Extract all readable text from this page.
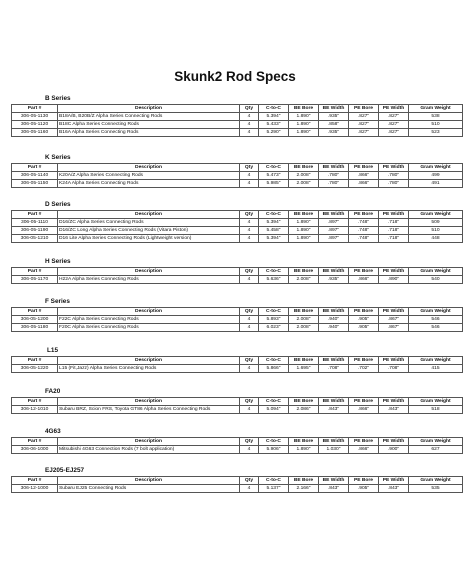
Skunk2 Rod Specs
B Series
Part #	Description	Qty	C-to-C	BE Bore	BE Width	PE Bore	PE Width	Gram Weight
306-05-1130	B18A/B, B20B/Z Alpha Series Connecting Rods	4	5.394"	1.890"	.935"	.827"	.827"	538
306-05-1120	B18C Alpha Series Connecting Rods	4	5.433"	1.890"	.858"	.827"	.827"	510
306-05-1160	B16A Alpha Series Connecting Rods	4	5.290"	1.890"	.935"	.827"	.827"	523
K Series
Part #	Description	Qty	C-to-C	BE Bore	BE Width	PE Bore	PE Width	Gram Weight
306-05-1140	K20A/Z Alpha Series Connecting Rods	4	5.473"	2.008"	.780"	.866"	.780"	499
306-05-1150	K24A Alpha Series Connecting Rods	4	5.985"	2.008"	.780"	.866"	.780"	491
D Series
Part #	Description	Qty	C-to-C	BE Bore	BE Width	PE Bore	PE Width	Gram Weight
306-05-1110	D16/ZC Alpha Series Connecting Rods	4	5.394"	1.890"	.897"	.748"	.718"	509
306-05-1190	D16/ZC Long Alpha Series Connecting Rods (Vitara Piston)	4	5.458"	1.890"	.897"	.748"	.718"	510
306-05-1210	D16 Lite Alpha Series Connecting Rods (Lightweight version)	4	5.394"	1.890"	.897"	.748"	.718"	448
H Series
Part #	Description	Qty	C-to-C	BE Bore	BE Width	PE Bore	PE Width	Gram Weight
306-05-1170	H22A Alpha Series Connecting Rods	4	5.636"	2.008"	.935"	.866"	.890"	540
F Series
Part #	Description	Qty	C-to-C	BE Bore	BE Width	PE Bore	PE Width	Gram Weight
306-05-1200	F22C Alpha Series Connecting Rods	4	5.893"	2.008"	.940"	.905"	.867"	546
306-05-1180	F20C Alpha Series Connecting Rods	4	6.023"	2.008"	.940"	.905"	.867"	546
L15
Part #	Description	Qty	C-to-C	BE Bore	BE Width	PE Bore	PE Width	Gram Weight
306-05-1220	L15 (Fit,Jazz) Alpha Series Connecting Rods	4	5.866"	1.695"	.708"	.702"	.708"	415
FA20
Part #	Description	Qty	C-to-C	BE Bore	BE Width	PE Bore	PE Width	Gram Weight
306-12-1010	Subaru BRZ, Scion FRS, Toyota GT86 Alpha Series Connecting Rods	4	5.094"	2.086"	.843"	.866"	.843"	518
4G63
Part #	Description	Qty	C-to-C	BE Bore	BE Width	PE Bore	PE Width	Gram Weight
306-06-1000	Mitsubishi 4G63 Connection Rods (7 bolt application)	4	5.906"	1.890"	1.030"	.866"	.900"	627
EJ205-EJ257
Part #	Description	Qty	C-to-C	BE Bore	BE Width	PE Bore	PE Width	Gram Weight
306-12-1000	Subaru EJ25 Connecting Rods	4	5.137"	2.166"	.843"	.905"	.843"	535
